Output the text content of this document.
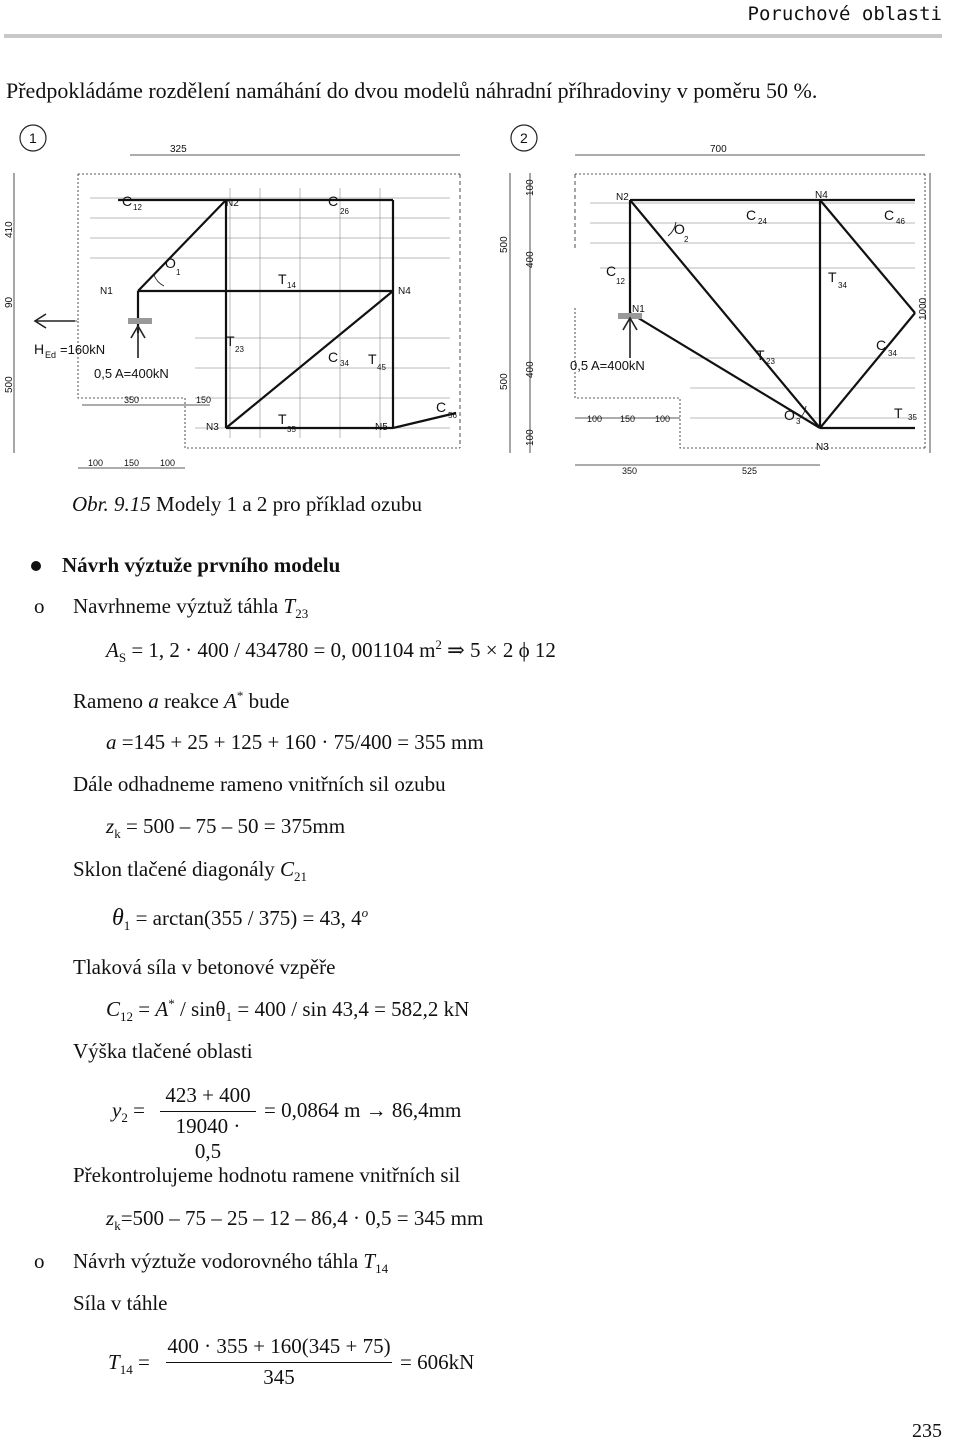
Poruchové oblasti
Předpokládáme rozdělení namáhání do dvou modelů náhradní příhradoviny v poměru 50 %.
1	2
325
410
90
500
100 150 100
350	150
H Ed =160kN
0,5 A=400kN
N1
N2
N3
N4
N5
C 12	C
26
O
1	T 14
T
23	C 34 T
45
T
35
C
56
700
100
400
500
400
500
100
1000
350	525
100 150 100
0,5 A=400kN
N1
N2
N3
N4
C
12
O
2
C 24	C 46
T
34
T 23
C
34
O 3
T 35
Obr. 9.15 Modely 1 a 2 pro příklad ozubu
Návrh výztuže prvního modelu
o Navrhneme výztuž táhla $T_{23}$
$A_S = 1$, 2 · 400 / 434780 = 0, 001104 $m^2$ ⇒ 5 × 2 ϕ 12
Rameno a reakce A* bude
a =145 + 25 + 125 + 160 · 75/400 = 355 mm
Dále odhadneme rameno vnitřních sil ozubu
$z_k = 500 - 75 - 50 = 375mm$
Sklon tlačené diagonály $C_{21}$
$\theta_1 = \arctan(355 / 375) = 43$, 4$^o$
Tlaková síla v betonové vzpěře
$C_{12} = A^* / \sin\theta_1 = 400 / \sin 43,4 = 582,2$ kN
Výška tlačené oblasti
$y_2$ =
423 + 400
19040 · 0,5
= 0,0864 m → 86,4mm
Překontrolujeme hodnotu ramene vnitřních sil
$z_k=500 - 75 - 25 - 12 - 86,4 \cdot 0,5 = 345$ mm
o Návrh výztuže vodorovného táhla $T_{14}$
Síla v táhle
$T_{14}$ =
400 · 355 + 160(345 + 75)
345
= 606kN
235
